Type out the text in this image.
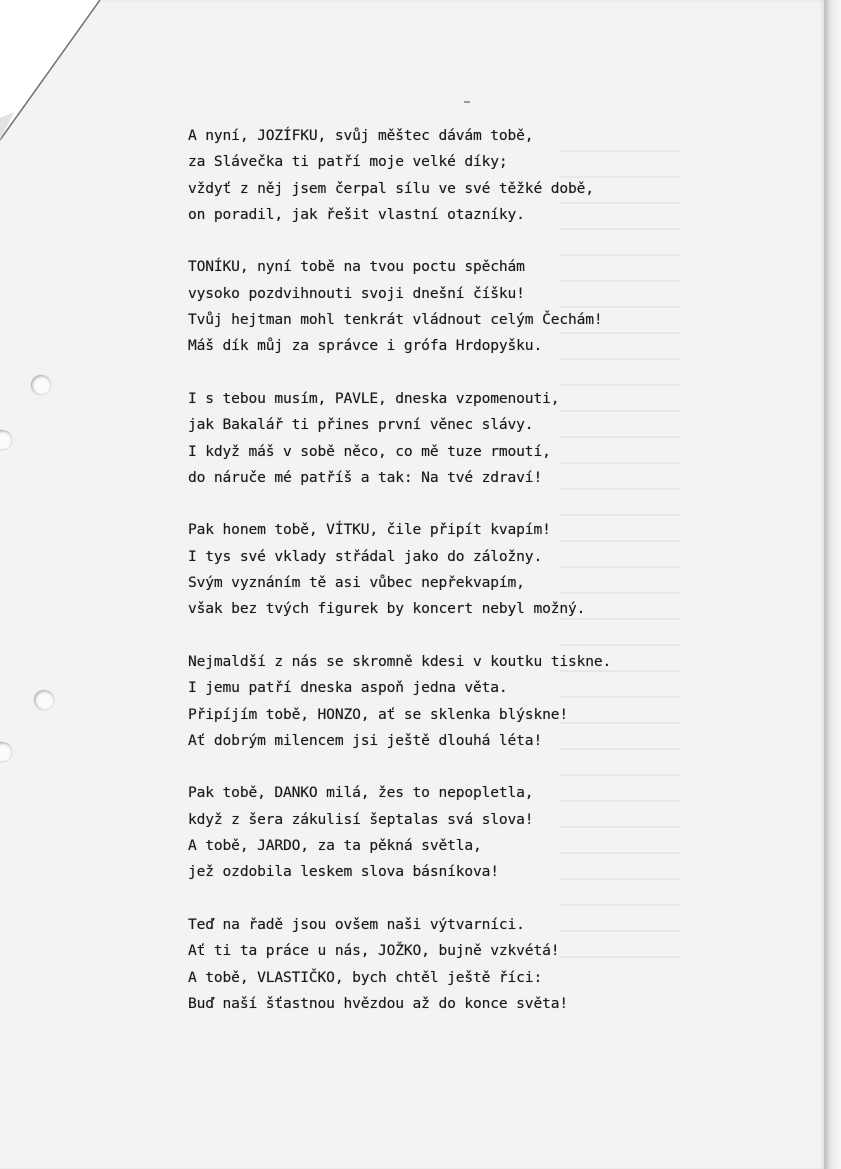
A nyní, JOZÍFKU, svůj měštec dávám tobě,
za Slávečka ti patří moje velké díky;
vždyť z něj jsem čerpal sílu ve své těžké době,
on poradil, jak řešit vlastní otazníky.
TONÍKU, nyní tobě na tvou poctu spěchám
vysoko pozdvihnouti svoji dnešní číšku!
Tvůj hejtman mohl tenkrát vládnout celým Čechám!
Máš dík můj za správce i grófa Hrdopyšku.
I s tebou musím, PAVLE, dneska vzpomenouti,
jak Bakalář ti přines první věnec slávy.
I když máš v sobě něco, co mě tuze rmoutí,
do náruče mé patříš a tak: Na tvé zdraví!
Pak honem tobě, VÍTKU, čile připít kvapím!
I tys své vklady střádal jako do záložny.
Svým vyznáním tě asi vůbec nepřekvapím,
však bez tvých figurek by koncert nebyl možný.
Nejmaldší z nás se skromně kdesi v koutku tiskne.
I jemu patří dneska aspoň jedna věta.
Připíjím tobě, HONZO, ať se sklenka blýskne!
Ať dobrým milencem jsi ještě dlouhá léta!
Pak tobě, DANKO milá, žes to nepopletla,
když z šera zákulisí šeptalas svá slova!
A tobě, JARDO, za ta pěkná světla,
jež ozdobila leskem slova básníkova!
Teď na řadě jsou ovšem naši výtvarníci.
Ať ti ta práce u nás, JOŽKO, bujně vzkvétá!
A tobě, VLASTIČKO, bych chtěl ještě říci:
Buď naší šťastnou hvězdou až do konce světa!
